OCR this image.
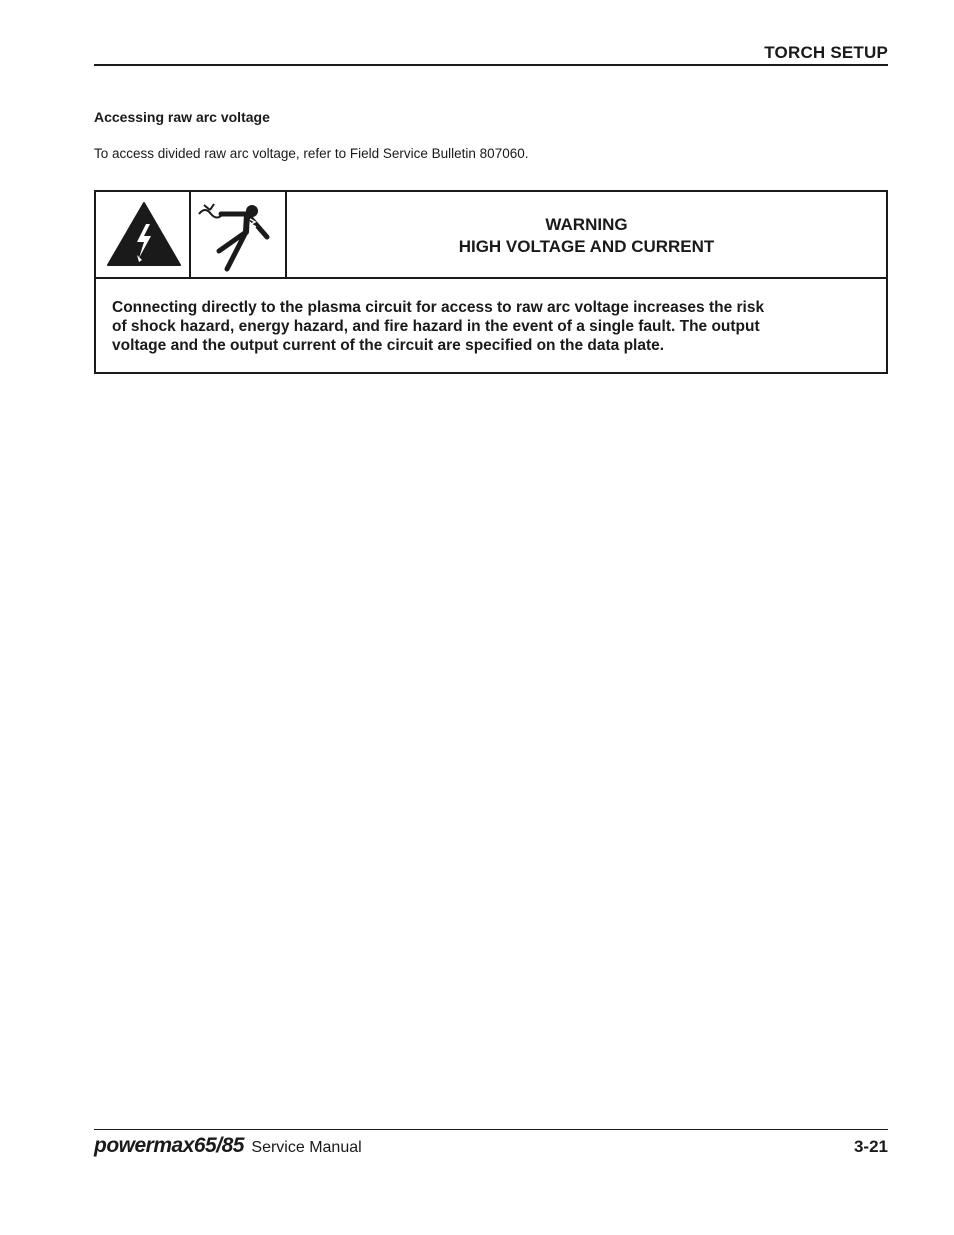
TORCH SETUP
Accessing raw arc voltage
To access divided raw arc voltage, refer to Field Service Bulletin 807060.
WARNING
HIGH VOLTAGE AND CURRENT
Connecting directly to the plasma circuit for access to raw arc voltage increases the risk
of shock hazard, energy hazard, and fire hazard in the event of a single fault. The output
voltage and the output current of the circuit are specified on the data plate.
powermax65/85 Service Manual	3-21
